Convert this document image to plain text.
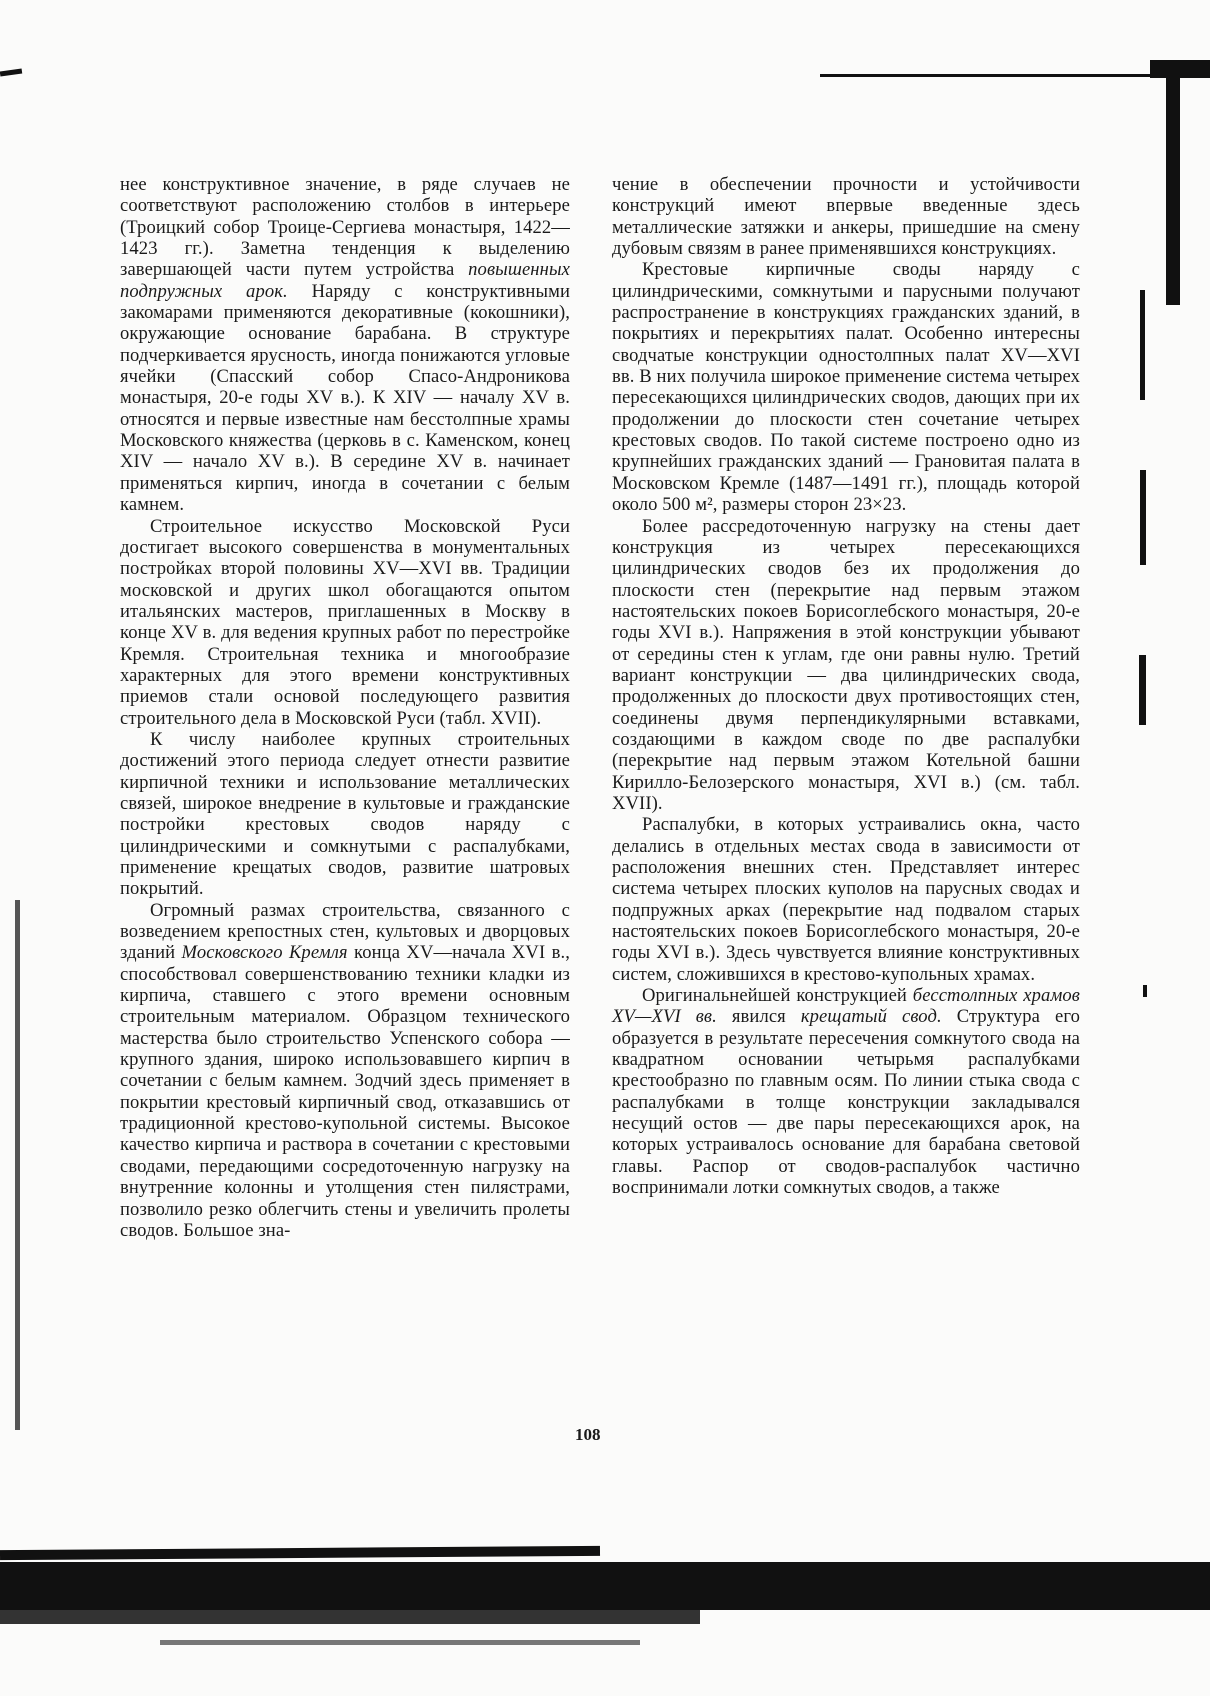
нее конструктивное значение, в ряде случаев не соответствуют расположению столбов в интерьере (Троицкий собор Троице-Сергиева монастыря, 1422—1423 гг.). Заметна тенденция к выделению завершающей части путем устройства повышенных подпружных арок. Наряду с конструктивными закомарами применяются декоративные (кокошники), окружающие основание барабана. В структуре подчеркивается ярусность, иногда понижаются угловые ячейки (Спасский собор Спасо-Андроникова монастыря, 20-е годы XV в.). К XIV — началу XV в. относятся и первые известные нам бесстолпные храмы Московского княжества (церковь в с. Каменском, конец XIV — начало XV в.). В середине XV в. начинает применяться кирпич, иногда в сочетании с белым камнем.

Строительное искусство Московской Руси достигает высокого совершенства в монументальных постройках второй половины XV—XVI вв. Традиции московской и других школ обогащаются опытом итальянских мастеров, приглашенных в Москву в конце XV в. для ведения крупных работ по перестройке Кремля. Строительная техника и многообразие характерных для этого времени конструктивных приемов стали основой последующего развития строительного дела в Московской Руси (табл. XVII).

К числу наиболее крупных строительных достижений этого периода следует отнести развитие кирпичной техники и использование металлических связей, широкое внедрение в культовые и гражданские постройки крестовых сводов наряду с цилиндрическими и сомкнутыми с распалубками, применение крещатых сводов, развитие шатровых покрытий.

Огромный размах строительства, связанного с возведением крепостных стен, культовых и дворцовых зданий Московского Кремля конца XV—начала XVI в., способствовал совершенствованию техники кладки из кирпича, ставшего с этого времени основным строительным материалом. Образцом технического мастерства было строительство Успенского собора — крупного здания, широко использовавшего кирпич в сочетании с белым камнем. Зодчий здесь применяет в покрытии крестовый кирпичный свод, отказавшись от традиционной крестово-купольной системы. Высокое качество кирпича и раствора в сочетании с крестовыми сводами, передающими сосредоточенную нагрузку на внутренние колонны и утолщения стен пилястрами, позволило резко облегчить стены и увеличить пролеты сводов. Большое зна-

чение в обеспечении прочности и устойчивости конструкций имеют впервые введенные здесь металлические затяжки и анкеры, пришедшие на смену дубовым связям в ранее применявшихся конструкциях.

Крестовые кирпичные своды наряду с цилиндрическими, сомкнутыми и парусными получают распространение в конструкциях гражданских зданий, в покрытиях и перекрытиях палат. Особенно интересны сводчатые конструкции одностолпных палат XV—XVI вв. В них получила широкое применение система четырех пересекающихся цилиндрических сводов, дающих при их продолжении до плоскости стен сочетание четырех крестовых сводов. По такой системе построено одно из крупнейших гражданских зданий — Грановитая палата в Московском Кремле (1487—1491 гг.), площадь которой около 500 м², размеры сторон 23×23.

Более рассредоточенную нагрузку на стены дает конструкция из четырех пересекающихся цилиндрических сводов без их продолжения до плоскости стен (перекрытие над первым этажом настоятельских покоев Борисоглебского монастыря, 20-е годы XVI в.). Напряжения в этой конструкции убывают от середины стен к углам, где они равны нулю. Третий вариант конструкции — два цилиндрических свода, продолженных до плоскости двух противостоящих стен, соединены двумя перпендикулярными вставками, создающими в каждом своде по две распалубки (перекрытие над первым этажом Котельной башни Кирилло-Белозерского монастыря, XVI в.) (см. табл. XVII).

Распалубки, в которых устраивались окна, часто делались в отдельных местах свода в зависимости от расположения внешних стен. Представляет интерес система четырех плоских куполов на парусных сводах и подпружных арках (перекрытие над подвалом старых настоятельских покоев Борисоглебского монастыря, 20-е годы XVI в.). Здесь чувствуется влияние конструктивных систем, сложившихся в крестово-купольных храмах.

Оригинальнейшей конструкцией бесстолпных храмов XV—XVI вв. явился крещатый свод. Структура его образуется в результате пересечения сомкнутого свода на квадратном основании четырьмя распалубками крестообразно по главным осям. По линии стыка свода с распалубками в толще конструкции закладывался несущий остов — две пары пересекающихся арок, на которых устраивалось основание для барабана световой главы. Распор от сводов-распалубок частично воспринимали лотки сомкнутых сводов, а также

108
